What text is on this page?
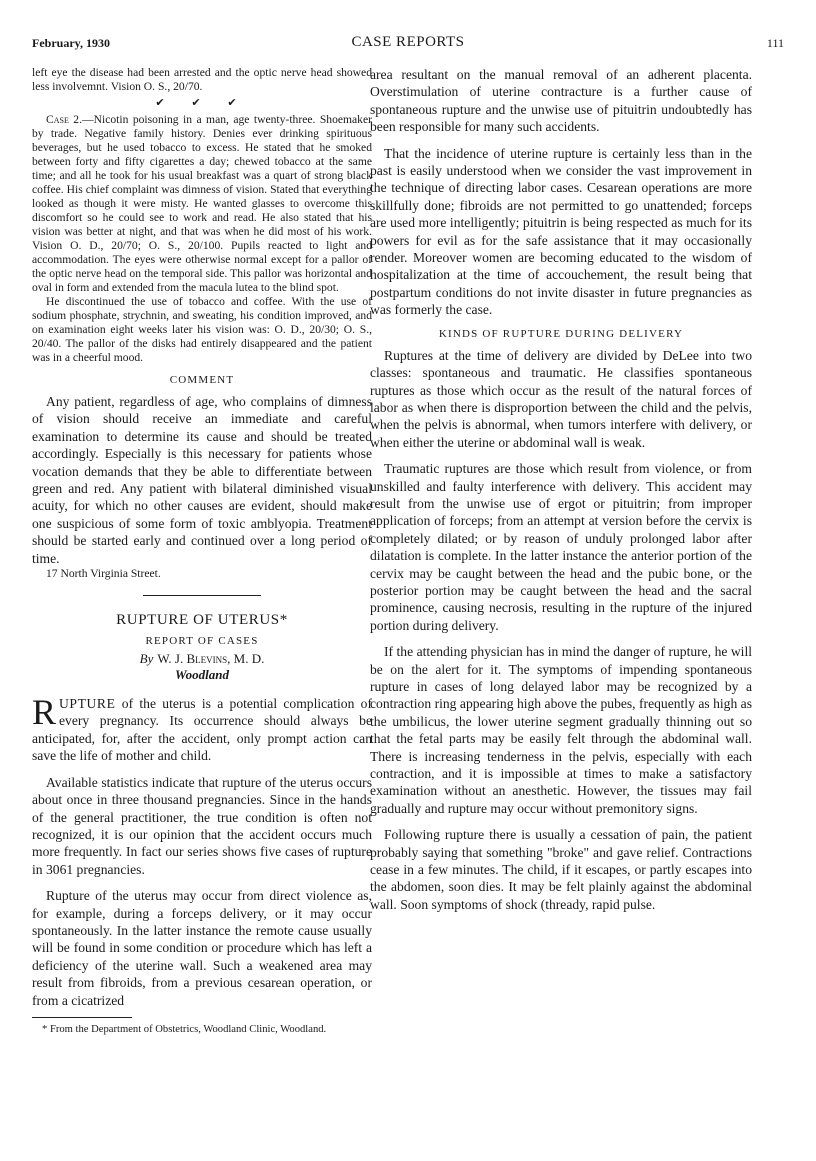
February, 1930	CASE REPORTS	111

left eye the disease had been arrested and the optic nerve head showed less involvemnt. Vision O. S., 20/70.

✔ ✔ ✔

Case 2.—Nicotin poisoning in a man, age twenty-three. Shoemaker by trade. Negative family history. Denies ever drinking spirituous beverages, but he used tobacco to excess. He stated that he smoked between forty and fifty cigarettes a day; chewed tobacco at the same time; and all he took for his usual breakfast was a quart of strong black coffee. His chief complaint was dimness of vision. Stated that everything looked as though it were misty. He wanted glasses to overcome this discomfort so he could see to work and read. He also stated that his vision was better at night, and that was when he did most of his work. Vision O. D., 20/70; O. S., 20/100. Pupils reacted to light and accommodation. The eyes were otherwise normal except for a pallor of the optic nerve head on the temporal side. This pallor was horizontal and oval in form and extended from the macula lutea to the blind spot.

He discontinued the use of tobacco and coffee. With the use of sodium phosphate, strychnin, and sweating, his condition improved, and on examination eight weeks later his vision was: O. D., 20/30; O. S., 20/40. The pallor of the disks had entirely disappeared and the patient was in a cheerful mood.

COMMENT

Any patient, regardless of age, who complains of dimness of vision should receive an immediate and careful examination to determine its cause and should be treated accordingly. Especially is this necessary for patients whose vocation demands that they be able to differentiate between green and red. Any patient with bilateral diminished visual acuity, for which no other causes are evident, should make one suspicious of some form of toxic amblyopia. Treatment should be started early and continued over a long period of time.

17 North Virginia Street.
RUPTURE OF UTERUS*
REPORT OF CASES
By W. J. Blevins, M. D.
Woodland

RUPTURE of the uterus is a potential complication of every pregnancy. Its occurrence should always be anticipated, for, after the accident, only prompt action can save the life of mother and child.

Available statistics indicate that rupture of the uterus occurs about once in three thousand pregnancies. Since in the hands of the general practitioner, the true condition is often not recognized, it is our opinion that the accident occurs much more frequently. In fact our series shows five cases of rupture in 3061 pregnancies.

Rupture of the uterus may occur from direct violence as, for example, during a forceps delivery, or it may occur spontaneously. In the latter instance the remote cause usually will be found in some condition or procedure which has left a deficiency of the uterine wall. Such a weakened area may result from fibroids, from a previous cesarean operation, or from a cicatrized

* From the Department of Obstetrics, Woodland Clinic, Woodland.

area resultant on the manual removal of an adherent placenta. Overstimulation of uterine contracture is a further cause of spontaneous rupture and the unwise use of pituitrin undoubtedly has been responsible for many such accidents.

That the incidence of uterine rupture is certainly less than in the past is easily understood when we consider the vast improvement in the technique of directing labor cases. Cesarean operations are more skillfully done; fibroids are not permitted to go unattended; forceps are used more intelligently; pituitrin is being respected as much for its powers for evil as for the safe assistance that it may occasionally render. Moreover women are becoming educated to the wisdom of hospitalization at the time of accouchement, the result being that postpartum conditions do not invite disaster in future pregnancies as was formerly the case.

KINDS OF RUPTURE DURING DELIVERY

Ruptures at the time of delivery are divided by DeLee into two classes: spontaneous and traumatic. He classifies spontaneous ruptures as those which occur as the result of the natural forces of labor as when there is disproportion between the child and the pelvis, when the pelvis is abnormal, when tumors interfere with delivery, or when either the uterine or abdominal wall is weak.

Traumatic ruptures are those which result from violence, or from unskilled and faulty interference with delivery. This accident may result from the unwise use of ergot or pituitrin; from improper application of forceps; from an attempt at version before the cervix is completely dilated; or by reason of unduly prolonged labor after dilatation is complete. In the latter instance the anterior portion of the cervix may be caught between the head and the pubic bone, or the posterior portion may be caught between the head and the sacral prominence, causing necrosis, resulting in the rupture of the injured portion during delivery.

If the attending physician has in mind the danger of rupture, he will be on the alert for it. The symptoms of impending spontaneous rupture in cases of long delayed labor may be recognized by a contraction ring appearing high above the pubes, frequently as high as the umbilicus, the lower uterine segment gradually thinning out so that the fetal parts may be easily felt through the abdominal wall. There is increasing tenderness in the pelvis, especially with each contraction, and it is impossible at times to make a satisfactory examination without an anesthetic. However, the tissues may fail gradually and rupture may occur without premonitory signs.

Following rupture there is usually a cessation of pain, the patient probably saying that something "broke" and gave relief. Contractions cease in a few minutes. The child, if it escapes, or partly escapes into the abdomen, soon dies. It may be felt plainly against the abdominal wall. Soon symptoms of shock (thready, rapid pulse.
